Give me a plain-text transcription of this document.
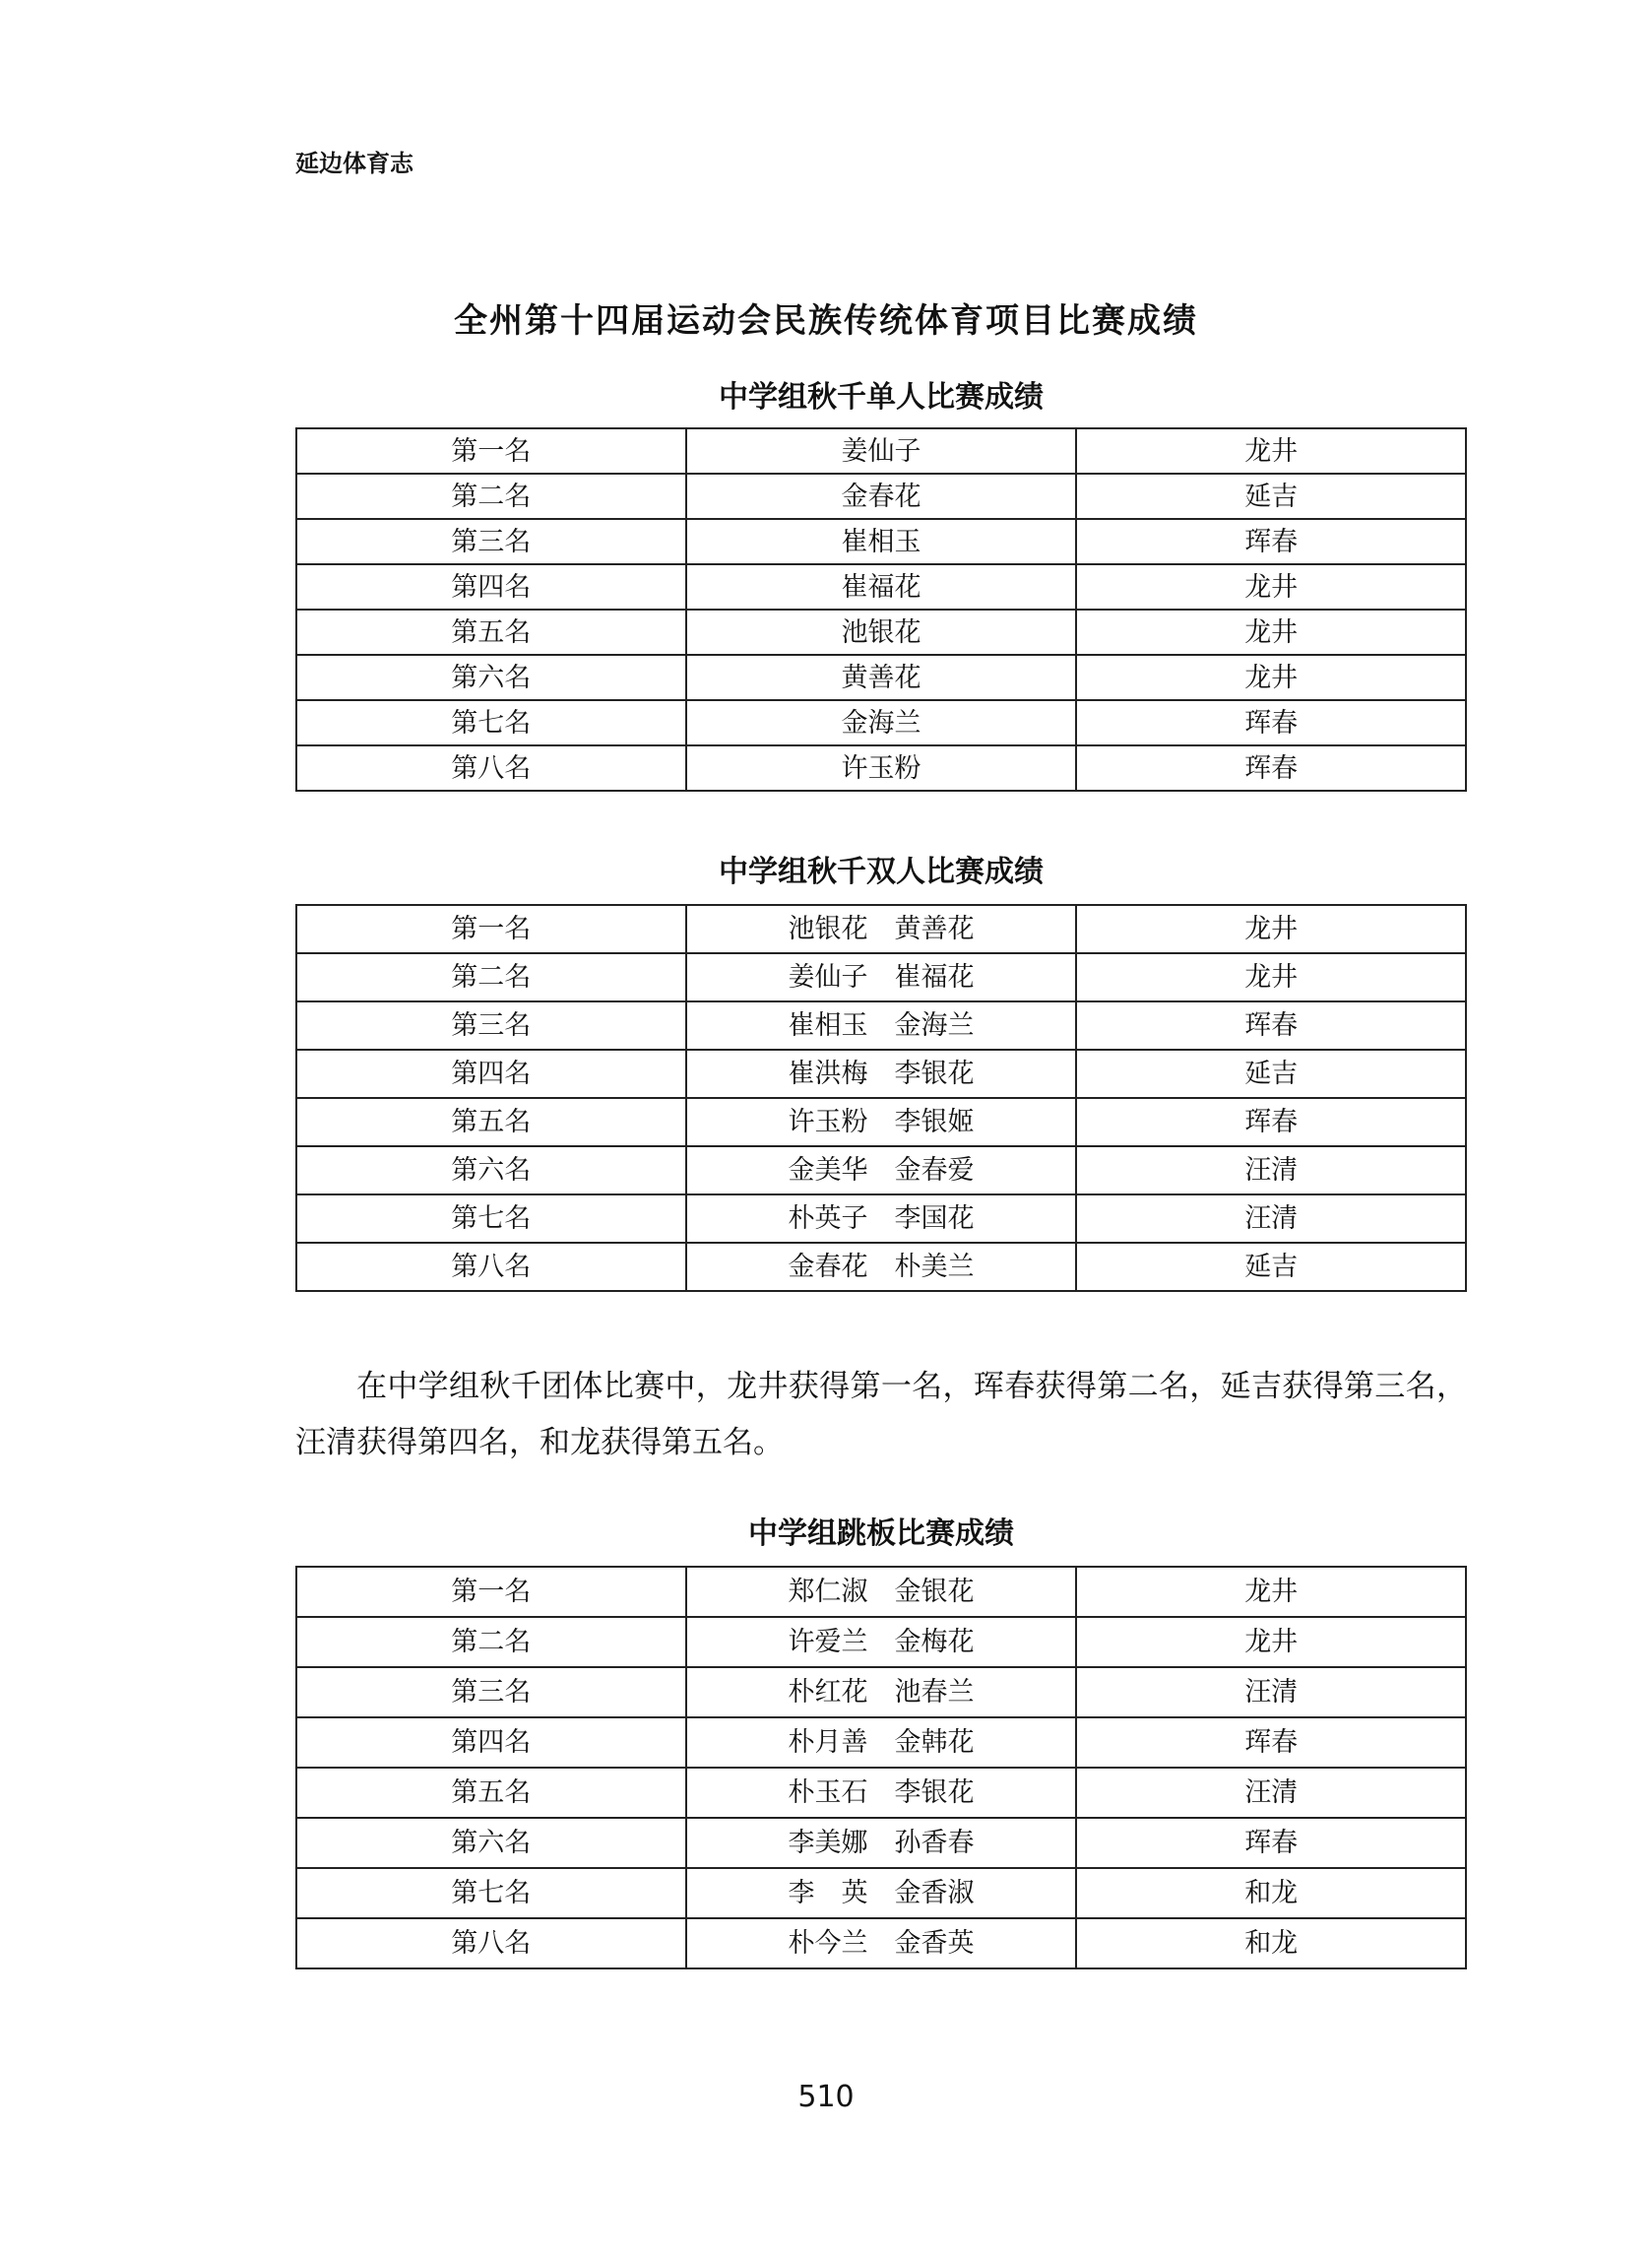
延边体育志
全州第十四届运动会民族传统体育项目比赛成绩
中学组秋千单人比赛成绩
第一名	姜仙子	龙井
第二名	金春花	延吉
第三名	崔相玉	珲春
第四名	崔福花	龙井
第五名	池银花	龙井
第六名	黄善花	龙井
第七名	金海兰	珲春
第八名	许玉粉	珲春
中学组秋千双人比赛成绩
第一名	池银花　黄善花	龙井
第二名	姜仙子　崔福花	龙井
第三名	崔相玉　金海兰	珲春
第四名	崔洪梅　李银花	延吉
第五名	许玉粉　李银姬	珲春
第六名	金美华　金春爱	汪清
第七名	朴英子　李国花	汪清
第八名	金春花　朴美兰	延吉
在中学组秋千团体比赛中，龙井获得第一名，珲春获得第二名，延吉获得第三名，汪清获得第四名，和龙获得第五名。
中学组跳板比赛成绩
第一名	郑仁淑　金银花	龙井
第二名	许爱兰　金梅花	龙井
第三名	朴红花　池春兰	汪清
第四名	朴月善　金韩花	珲春
第五名	朴玉石　李银花	汪清
第六名	李美娜　孙香春	珲春
第七名	李　英　金香淑	和龙
第八名	朴今兰　金香英	和龙
510
